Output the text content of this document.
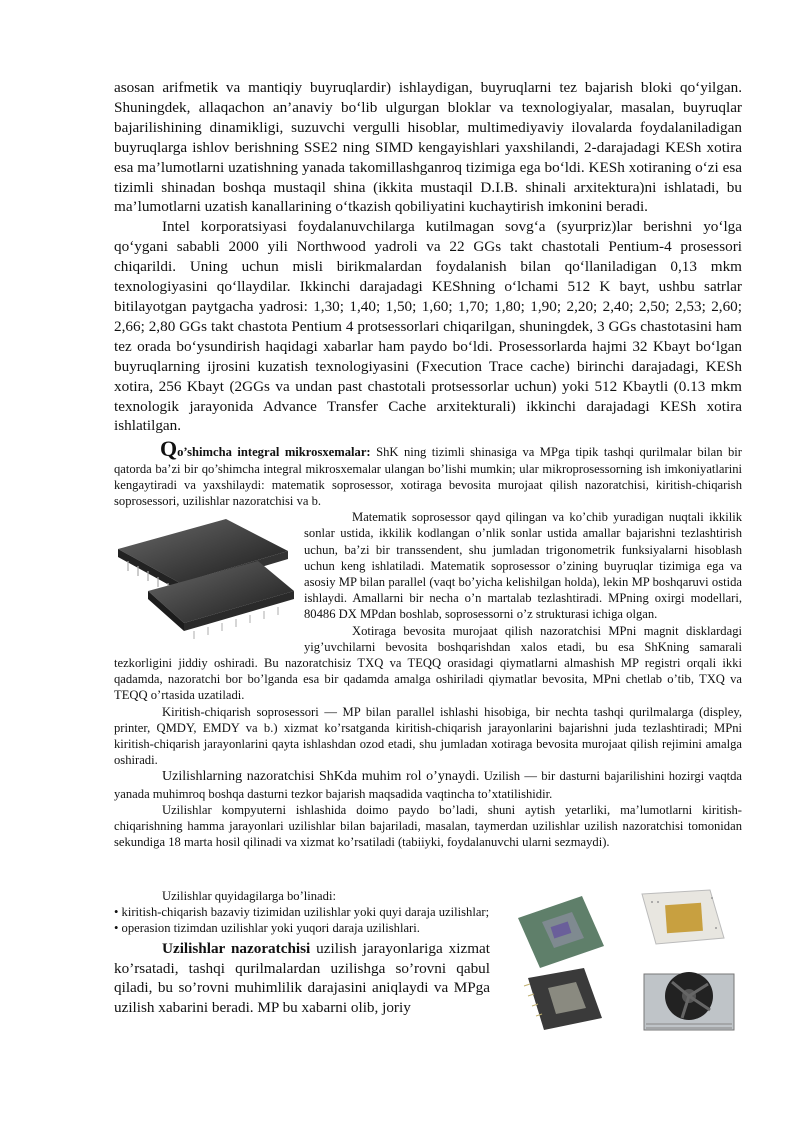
asosan arifmetik va mantiqiy buyruqlardir) ishlaydigan, buyruqlarni tez bajarish bloki qo‘yilgan. Shuningdek, allaqachon an’anaviy bo‘lib ulgurgan bloklar va texnologiyalar, masalan, buyruqlar bajarilishining dinamikligi, suzuvchi vergulli hisoblar, multimediyaviy ilovalarda foydalaniladigan buyruqlarga ishlov berishning SSE2 ning SIMD kengayishlari yaxshilandi, 2-darajadagi KESh xotira esa ma’lumotlarni uzatishning yanada takomillashganroq tizimiga ega bo‘ldi. KESh xotiraning o‘zi esa tizimli shinadan boshqa mustaqil shina (ikkita mustaqil D.I.B. shinali arxitektura)ni ishlatadi, bu ma’lumotlarni uzatish kanallarining o‘tkazish qobiliyatini kuchaytirish imkonini beradi.

Intel korporatsiyasi foydalanuvchilarga kutilmagan sovg‘a (syurpriz)lar berishni yo‘lga qo‘ygani sababli 2000 yili Northwood yadroli va 22 GGs takt chastotali Pentium-4 prosessori chiqarildi. Uning uchun misli birikmalardan foydalanish bilan qo‘llaniladigan 0,13 mkm texnologiyasini qo‘llaydilar. Ikkinchi darajadagi KEShning o‘lchami 512 K bayt, ushbu satrlar bitilayotgan paytgacha yadrosi: 1,30; 1,40; 1,50; 1,60; 1,70; 1,80; 1,90; 2,20; 2,40; 2,50; 2,53; 2,60; 2,66; 2,80 GGs takt chastota Pentium 4 protsessorlari chiqarilgan, shuningdek, 3 GGs chastotasini ham tez orada bo‘ysundirish haqidagi xabarlar ham paydo bo‘ldi. Prosessorlarda hajmi 32 Kbayt bo‘lgan buyruqlarning ijrosini kuzatish texnologiyasini (Fxecution Trace cache) birinchi darajadagi, KESh xotira, 256 Kbayt (2GGs va undan past chastotali protsessorlar uchun) yoki 512 Kbaytli (0.13 mkm texnologik jarayonida Advance Transfer Cache arxitekturali) ikkinchi darajadagi KESh xotira ishlatilgan.

Qo’shimcha integral mikrosxemalar: ShK ning tizimli shinasiga va MPga tipik tashqi qurilmalar bilan bir qatorda ba’zi bir qo’shimcha integral mikrosxemalar ulangan bo’lishi mumkin; ular mikroprosessorning ish imkoniyatlarini kengaytiradi va yaxshilaydi: matematik soprosessor, xotiraga bevosita murojaat qilish nazoratchisi, kiritish-chiqarish soprosessori, uzilishlar nazoratchisi va b.

Matematik soprosessor qayd qilingan va ko’chib yuradigan nuqtali ikkilik sonlar ustida, ikkilik kodlangan o’nlik sonlar ustida amallar bajarishni tezlashtirish uchun, ba’zi bir transsendent, shu jumladan trigonometrik funksiyalarni hisoblash uchun keng ishlatiladi. Matematik soprosessor o’zining buyruqlar tizimiga ega va asosiy MP bilan parallel (vaqt bo’yicha kelishilgan holda), lekin MP boshqaruvi ostida ishlaydi. Amallarni bir necha o’n martalab tezlashtiradi. MPning oxirgi modellari, 80486 DX MPdan boshlab, soprosessorni o’z strukturasi ichiga olgan.

Xotiraga bevosita murojaat qilish nazoratchisi MPni magnit disklardagi yig’uvchilarni bevosita boshqarishdan xalos etadi, bu esa ShKning samarali tezkorligini jiddiy oshiradi. Bu nazoratchisiz TXQ va TEQQ orasidagi qiymatlarni almashish MP registri orqali ikki qadamda, nazoratchi bor bo’lganda esa bir qadamda amalga oshiriladi qiymatlar bevosita, MPni chetlab o’tib, TXQ va TEQQ o’rtasida uzatiladi.

Kiritish-chiqarish soprosessori — MP bilan parallel ishlashi hisobiga, bir nechta tashqi qurilmalarga (displey, printer, QMDY, EMDY va b.) xizmat ko’rsatganda kiritish-chiqarish jarayonlarini bajarishni juda tezlashtiradi; MPni kiritish-chiqarish jarayonlarini qayta ishlashdan ozod etadi, shu jumladan xotiraga bevosita murojaat qilish rejimini amalga oshiradi.

Uzilishlarning nazoratchisi ShKda muhim rol o’ynaydi. Uzilish — bir dasturni bajarilishini hozirgi vaqtda yanada muhimroq boshqa dasturni tezkor bajarish maqsadida vaqtincha to’xtatilishidir.

Uzilishlar kompyuterni ishlashida doimo paydo bo’ladi, shuni aytish yetarliki, ma’lumotlarni kiritish-chiqarishning hamma jarayonlari uzilishlar bilan bajariladi, masalan, taymerdan uzilishlar uzilish nazoratchisi tomonidan sekundiga 18 marta hosil qilinadi va xizmat ko’rsatiladi (tabiiyki, foydalanuvchi ularni sezmaydi).

Uzilishlar quyidagilarga bo’linadi:

• kiritish-chiqarish bazaviy tizimidan uzilishlar yoki quyi daraja uzilishlar;

• operasion tizimdan uzilishlar yoki yuqori daraja uzilishlari.

Uzilishlar nazoratchisi uzilish jarayonlariga xizmat ko’rsatadi, tashqi qurilmalardan uzilishga so’rovni qabul qiladi, bu so’rovni muhimlilik darajasini aniqlaydi va MPga uzilish xabarini beradi. MP bu xabarni olib, joriy
